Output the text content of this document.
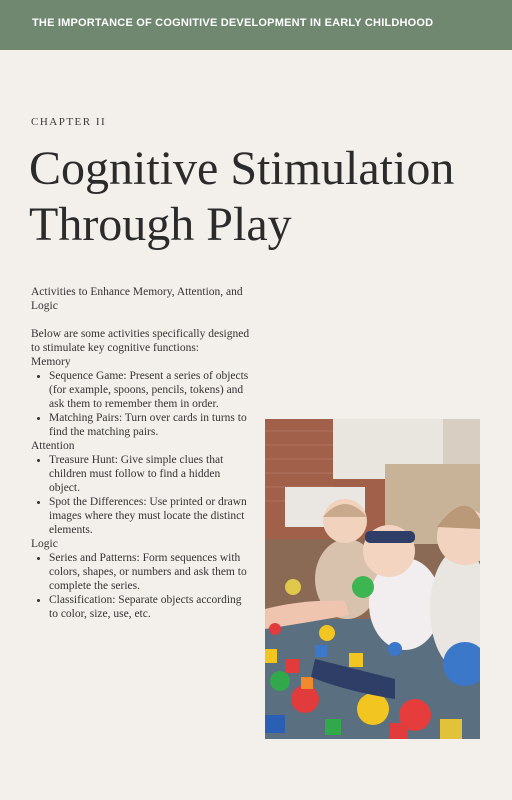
THE IMPORTANCE OF COGNITIVE DEVELOPMENT IN EARLY CHILDHOOD
CHAPTER II
Cognitive Stimulation
Through Play

Activities to Enhance Memory, Attention, and Logic

Below are some activities specifically designed to stimulate key cognitive functions:

Memory

• Sequence Game: Present a series of objects (for example, spoons, pencils, tokens) and ask them to remember them in order.
• Matching Pairs: Turn over cards in turns to find the matching pairs.

Attention

• Treasure Hunt: Give simple clues that children must follow to find a hidden object.
• Spot the Differences: Use printed or drawn images where they must locate the distinct elements.

Logic

• Series and Patterns: Form sequences with colors, shapes, or numbers and ask them to complete the series.
• Classification: Separate objects according to color, size, use, etc.
